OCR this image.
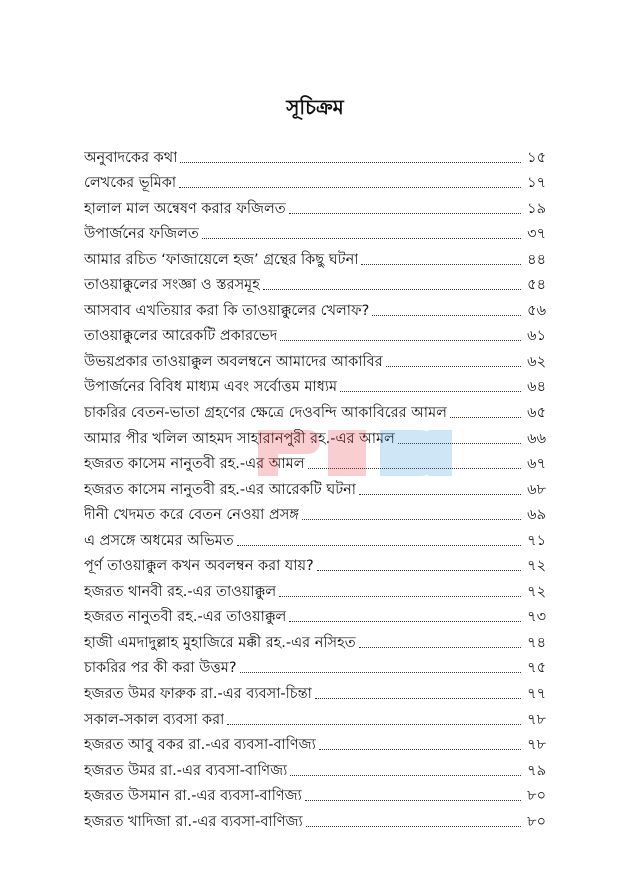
সূচিক্রম
অনুবাদকের কথা	১৫
লেখকের ভূমিকা	১৭
হালাল মাল অন্বেষণ করার ফজিলত	১৯
উপার্জনের ফজিলত	৩৭
আমার রচিত ‘ফাজায়েলে হজ’ গ্রন্থের কিছু ঘটনা	৪৪
তাওয়াক্কুলের সংজ্ঞা ও স্তরসমূহ	৫৪
আসবাব এখতিয়ার করা কি তাওয়াক্কুলের খেলাফ?	৫৬
তাওয়াক্কুলের আরেকটি প্রকারভেদ	৬১
উভয়প্রকার তাওয়াক্কুল অবলম্বনে আমাদের আকাবির	৬২
উপার্জনের বিবিধ মাধ্যম এবং সর্বোত্তম মাধ্যম	৬৪
চাকরির বেতন-ভাতা গ্রহণের ক্ষেত্রে দেওবন্দি আকাবিরের আমল	৬৫
আমার পীর খলিল আহমদ সাহারানপুরী রহ.-এর আমল	৬৬
হজরত কাসেম নানুতবী রহ.-এর আমল	৬৭
হজরত কাসেম নানুতবী রহ.-এর আরেকটি ঘটনা	৬৮
দীনী খেদমত করে বেতন নেওয়া প্রসঙ্গ	৬৯
এ প্রসঙ্গে অধমের অভিমত	৭১
পূর্ণ তাওয়াক্কুল কখন অবলম্বন করা যায়?	৭২
হজরত থানবী রহ.-এর তাওয়াক্কুল	৭২
হজরত নানুতবী রহ.-এর তাওয়াক্কুল	৭৩
হাজী এমদাদুল্লাহ মুহাজিরে মক্কী রহ.-এর নসিহত	৭৪
চাকরির পর কী করা উত্তম?	৭৫
হজরত উমর ফারুক রা.-এর ব্যবসা-চিন্তা	৭৭
সকাল-সকাল ব্যবসা করা	৭৮
হজরত আবু বকর রা.-এর ব্যবসা-বাণিজ্য	৭৮
হজরত উমর রা.-এর ব্যবসা-বাণিজ্য	৭৯
হজরত উসমান রা.-এর ব্যবসা-বাণিজ্য	৮০
হজরত খাদিজা রা.-এর ব্যবসা-বাণিজ্য	৮০
